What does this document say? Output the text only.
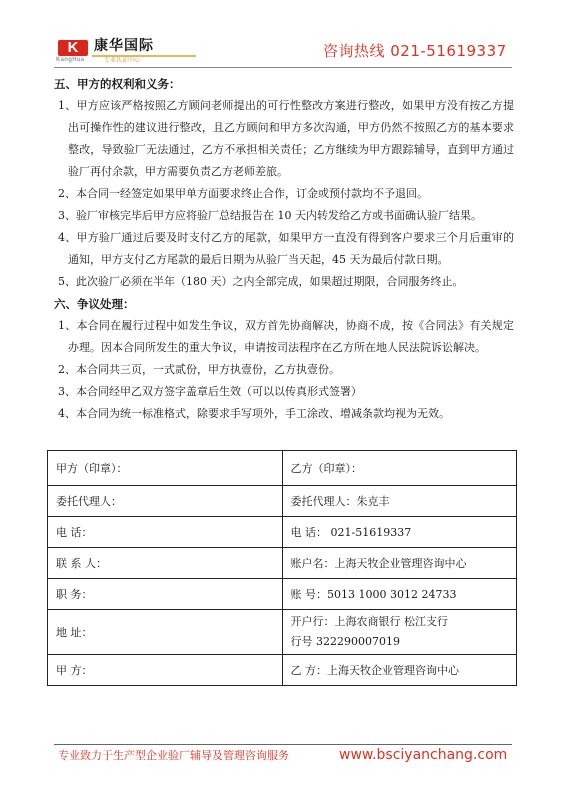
K
KangHua
康华国际
专业认证中心
咨询热线 021-51619337

五、甲方的权利和义务：

1、甲方应该严格按照乙方顾问老师提出的可行性整改方案进行整改，如果甲方没有按乙方提出可操作性的建议进行整改，且乙方顾问和甲方多次沟通，甲方仍然不按照乙方的基本要求整改，导致验厂无法通过，乙方不承担相关责任；乙方继续为甲方跟踪辅导，直到甲方通过验厂再付余款，甲方需要负责乙方老师差旅。

2、本合同一经签定如果甲单方面要求终止合作，订金或预付款均不予退回。

3、验厂审核完毕后甲方应将验厂总结报告在 10 天内转发给乙方或书面确认验厂结果。

4、甲方验厂通过后要及时支付乙方的尾款，如果甲方一直没有得到客户要求三个月后重审的通知，甲方支付乙方尾款的最后日期为从验厂当天起，45 天为最后付款日期。

5、此次验厂必须在半年（180 天）之内全部完成，如果超过期限，合同服务终止。

六、争议处理：

1、本合同在履行过程中如发生争议，双方首先协商解决，协商不成，按《合同法》有关规定办理。因本合同所发生的重大争议，申请按司法程序在乙方所在地人民法院诉讼解决。

2、本合同共三页，一式贰份，甲方执壹份，乙方执壹份。

3、本合同经甲乙双方签字盖章后生效（可以以传真形式签署）

4、本合同为统一标准格式，除要求手写项外，手工涂改、增减条款均视为无效。

甲方（印章）：	乙方（印章）：
委托代理人：	委托代理人：朱克丰
电 话：	电 话： 021-51619337
联 系 人：	账户名：上海天牧企业管理咨询中心
职 务：	账 号：5013 1000 3012 24733
地 址：	开户行：上海农商银行 松江支行
行号 322290007019

甲 方：	乙 方：上海天牧企业管理咨询中心
专业致力于生产型企业验厂辅导及管理咨询服务	www.bsciyanchang.com
